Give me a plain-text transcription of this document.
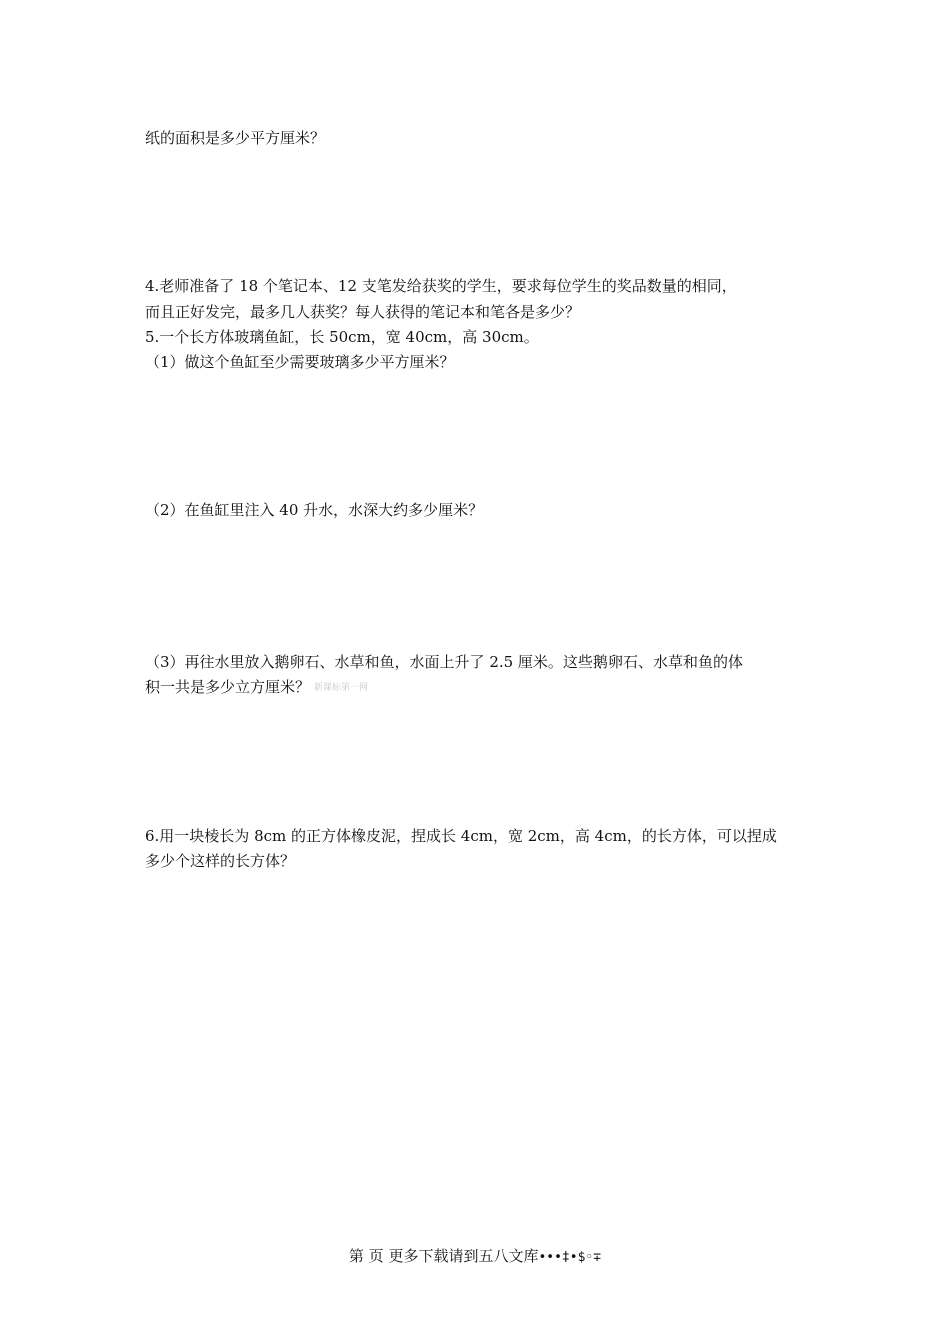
纸的面积是多少平方厘米？
4.老师准备了 18 个笔记本、12 支笔发给获奖的学生，要求每位学生的奖品数量的相同，
而且正好发完，最多几人获奖？每人获得的笔记本和笔各是多少？
5.一个长方体玻璃鱼缸，长 50cm，宽 40cm，高 30cm。
（1）做这个鱼缸至少需要玻璃多少平方厘米？
（2）在鱼缸里注入 40 升水，水深大约多少厘米？
（3）再往水里放入鹅卵石、水草和鱼，水面上升了 2.5 厘米。这些鹅卵石、水草和鱼的体
积一共是多少立方厘米？ 新课标第一网
6.用一块棱长为 8cm 的正方体橡皮泥，捏成长 4cm，宽 2cm，高 4cm，的长方体，可以捏成
多少个这样的长方体？
第 页 更多下载请到五八文库•••‡•$◦∓
